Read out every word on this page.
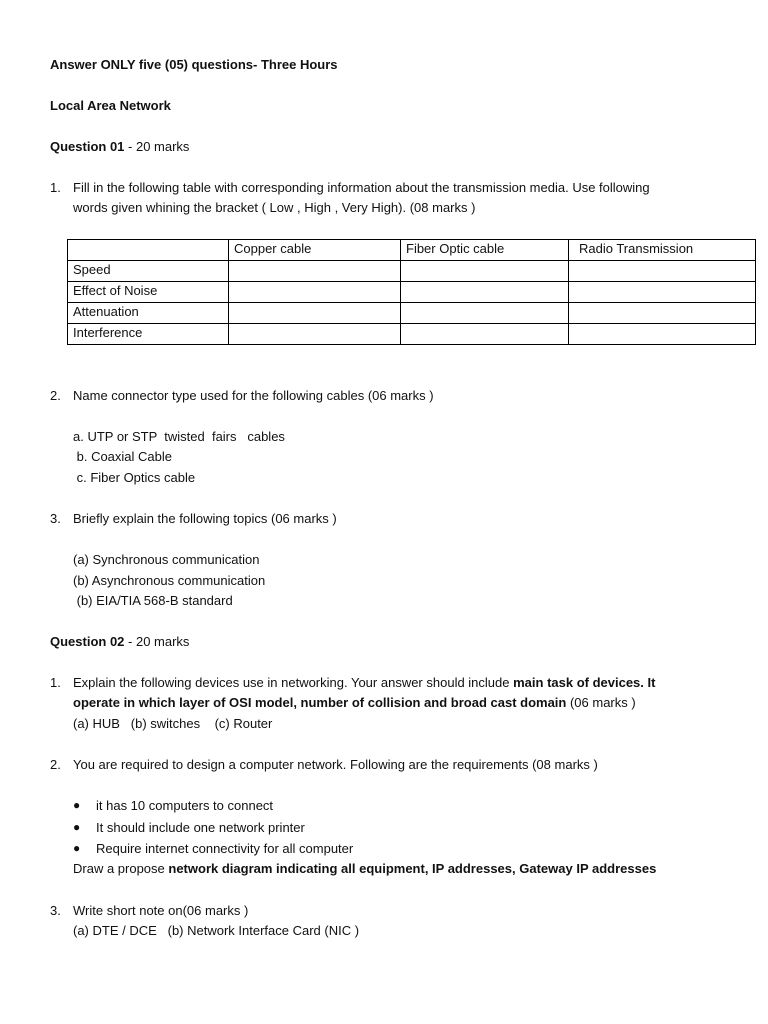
Answer ONLY five (05) questions- Three Hours
Local Area Network
Question 01 - 20 marks
1. Fill in the following table with corresponding information about the transmission media. Use following
words given whining the bracket ( Low , High , Very High). (08 marks )
	Copper cable	Fiber Optic cable	Radio Transmission
Speed			
Effect of Noise			
Attenuation			
Interference			
2. Name connector type used for the following cables (06 marks )
a. UTP or STP  twisted  fairs   cables
b. Coaxial Cable
c. Fiber Optics cable
3. Briefly explain the following topics (06 marks )
(a) Synchronous communication
(b) Asynchronous communication
(b) EIA/TIA 568-B standard
Question 02 - 20 marks
1. Explain the following devices use in networking. Your answer should include main task of devices. It
operate in which layer of OSI model, number of collision and broad cast domain (06 marks )
(a) HUB   (b) switches    (c) Router
2. You are required to design a computer network. Following are the requirements (08 marks )
● it has 10 computers to connect
● It should include one network printer
● Require internet connectivity for all computer
Draw a propose network diagram indicating all equipment, IP addresses, Gateway IP addresses
3. Write short note on(06 marks )
(a) DTE / DCE   (b) Network Interface Card (NIC )
